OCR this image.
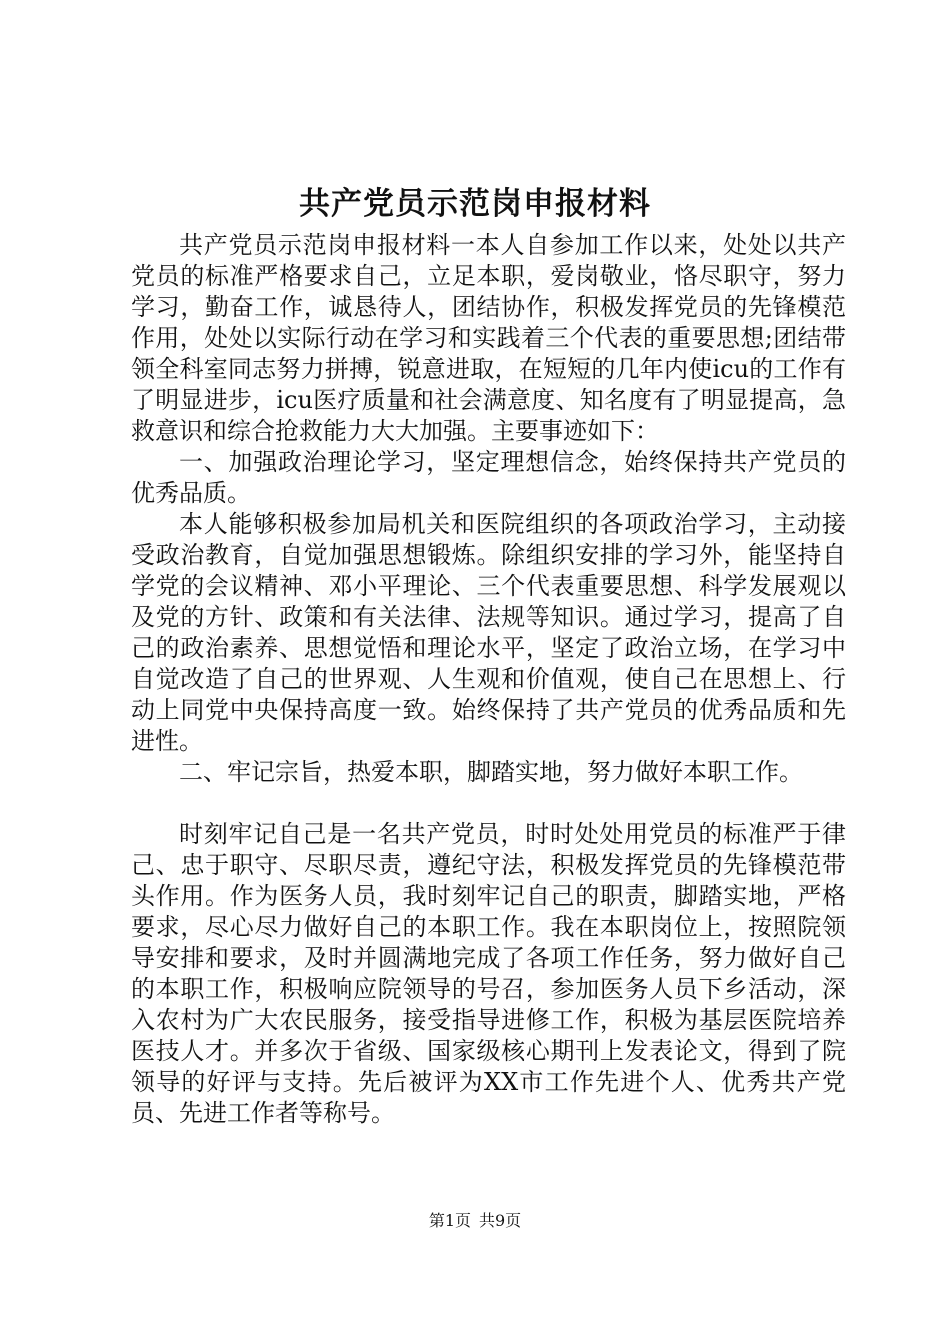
共产党员示范岗申报材料

共产党员示范岗申报材料一本人自参加工作以来，处处以共产党员的标准严格要求自己，立足本职，爱岗敬业，恪尽职守，努力学习，勤奋工作，诚恳待人，团结协作，积极发挥党员的先锋模范作用，处处以实际行动在学习和实践着三个代表的重要思想;团结带领全科室同志努力拼搏，锐意进取，在短短的几年内使icu的工作有了明显进步，icu医疗质量和社会满意度、知名度有了明显提高，急救意识和综合抢救能力大大加强。主要事迹如下：

一、加强政治理论学习，坚定理想信念，始终保持共产党员的优秀品质。

本人能够积极参加局机关和医院组织的各项政治学习，主动接受政治教育，自觉加强思想锻炼。除组织安排的学习外，能坚持自学党的会议精神、邓小平理论、三个代表重要思想、科学发展观以及党的方针、政策和有关法律、法规等知识。通过学习，提高了自己的政治素养、思想觉悟和理论水平，坚定了政治立场，在学习中自觉改造了自己的世界观、人生观和价值观，使自己在思想上、行动上同党中央保持高度一致。始终保持了共产党员的优秀品质和先进性。

二、牢记宗旨，热爱本职，脚踏实地，努力做好本职工作。

时刻牢记自己是一名共产党员，时时处处用党员的标准严于律己、忠于职守、尽职尽责，遵纪守法，积极发挥党员的先锋模范带头作用。作为医务人员，我时刻牢记自己的职责，脚踏实地，严格要求，尽心尽力做好自己的本职工作。我在本职岗位上，按照院领导安排和要求，及时并圆满地完成了各项工作任务，努力做好自己的本职工作，积极响应院领导的号召，参加医务人员下乡活动，深入农村为广大农民服务，接受指导进修工作，积极为基层医院培养医技人才。并多次于省级、国家级核心期刊上发表论文，得到了院领导的好评与支持。先后被评为XX市工作先进个人、优秀共产党员、先进工作者等称号。

第1页 共9页
